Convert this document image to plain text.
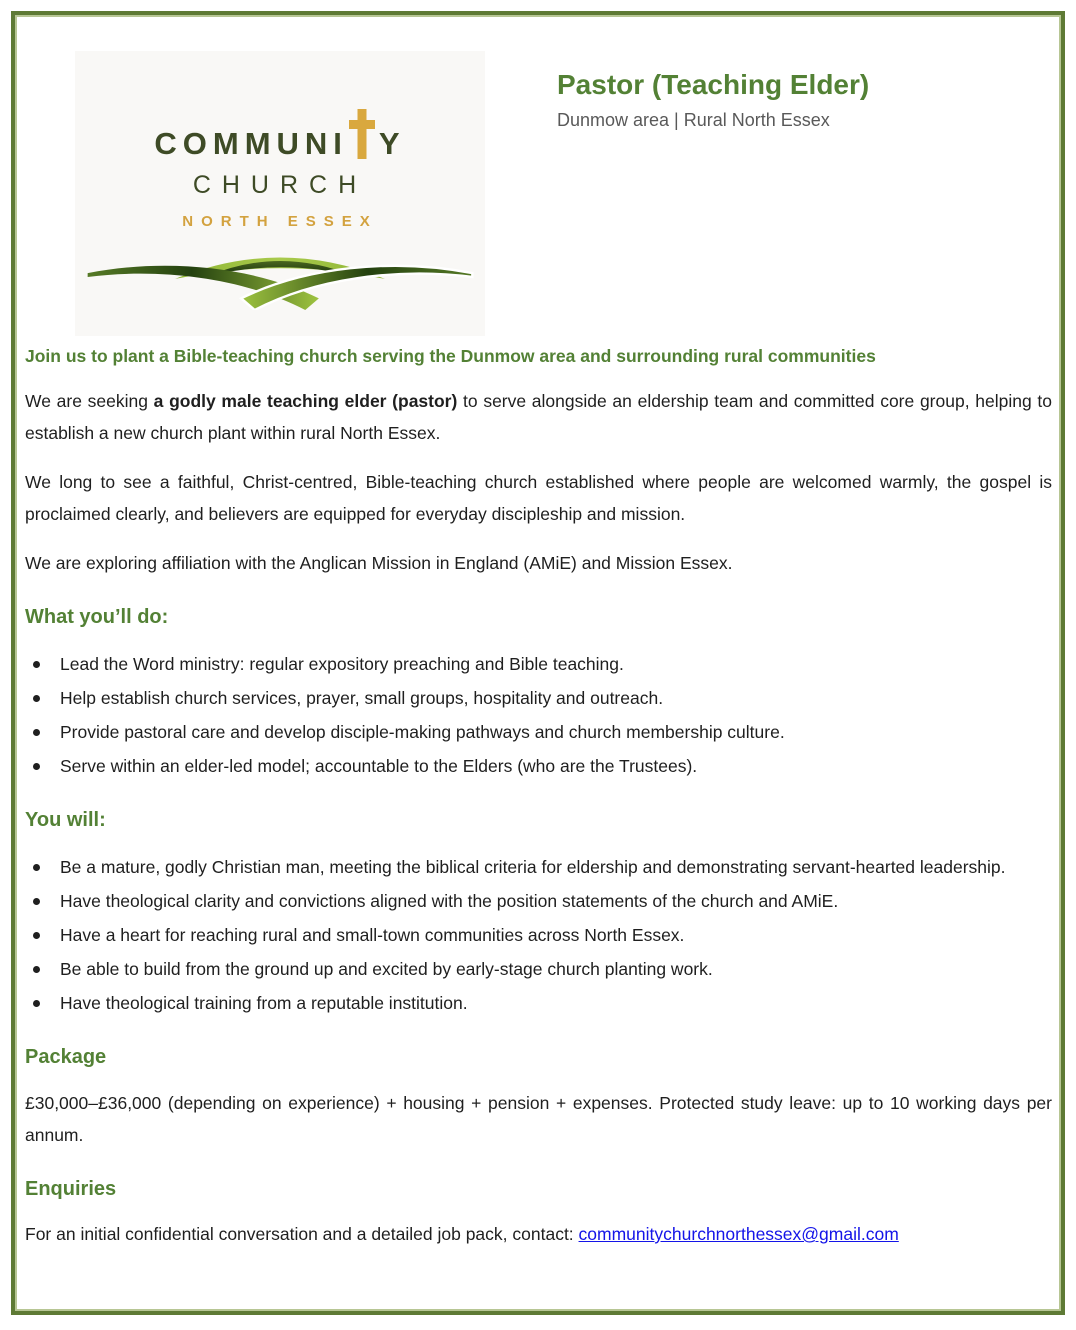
COMMUNI Y
CHURCH
NORTH ESSEX
Pastor (Teaching Elder)
Dunmow area | Rural North Essex
Join us to plant a Bible-teaching church serving the Dunmow area and surrounding rural communities

We are seeking a godly male teaching elder (pastor) to serve alongside an eldership team and committed core group, helping to establish a new church plant within rural North Essex.

We long to see a faithful, Christ-centred, Bible-teaching church established where people are welcomed warmly, the gospel is proclaimed clearly, and believers are equipped for everyday discipleship and mission.

We are exploring affiliation with the Anglican Mission in England (AMiE) and Mission Essex.

What you’ll do:
Lead the Word ministry: regular expository preaching and Bible teaching.
Help establish church services, prayer, small groups, hospitality and outreach.
Provide pastoral care and develop disciple-making pathways and church membership culture.
Serve within an elder-led model; accountable to the Elders (who are the Trustees).
You will:
Be a mature, godly Christian man, meeting the biblical criteria for eldership and demonstrating servant-hearted leadership.
Have theological clarity and convictions aligned with the position statements of the church and AMiE.
Have a heart for reaching rural and small-town communities across North Essex.
Be able to build from the ground up and excited by early-stage church planting work.
Have theological training from a reputable institution.
Package

£30,000–£36,000 (depending on experience) + housing + pension + expenses. Protected study leave: up to 10 working days per annum.

Enquiries
For an initial confidential conversation and a detailed job pack, contact: communitychurchnorthessex@gmail.com
